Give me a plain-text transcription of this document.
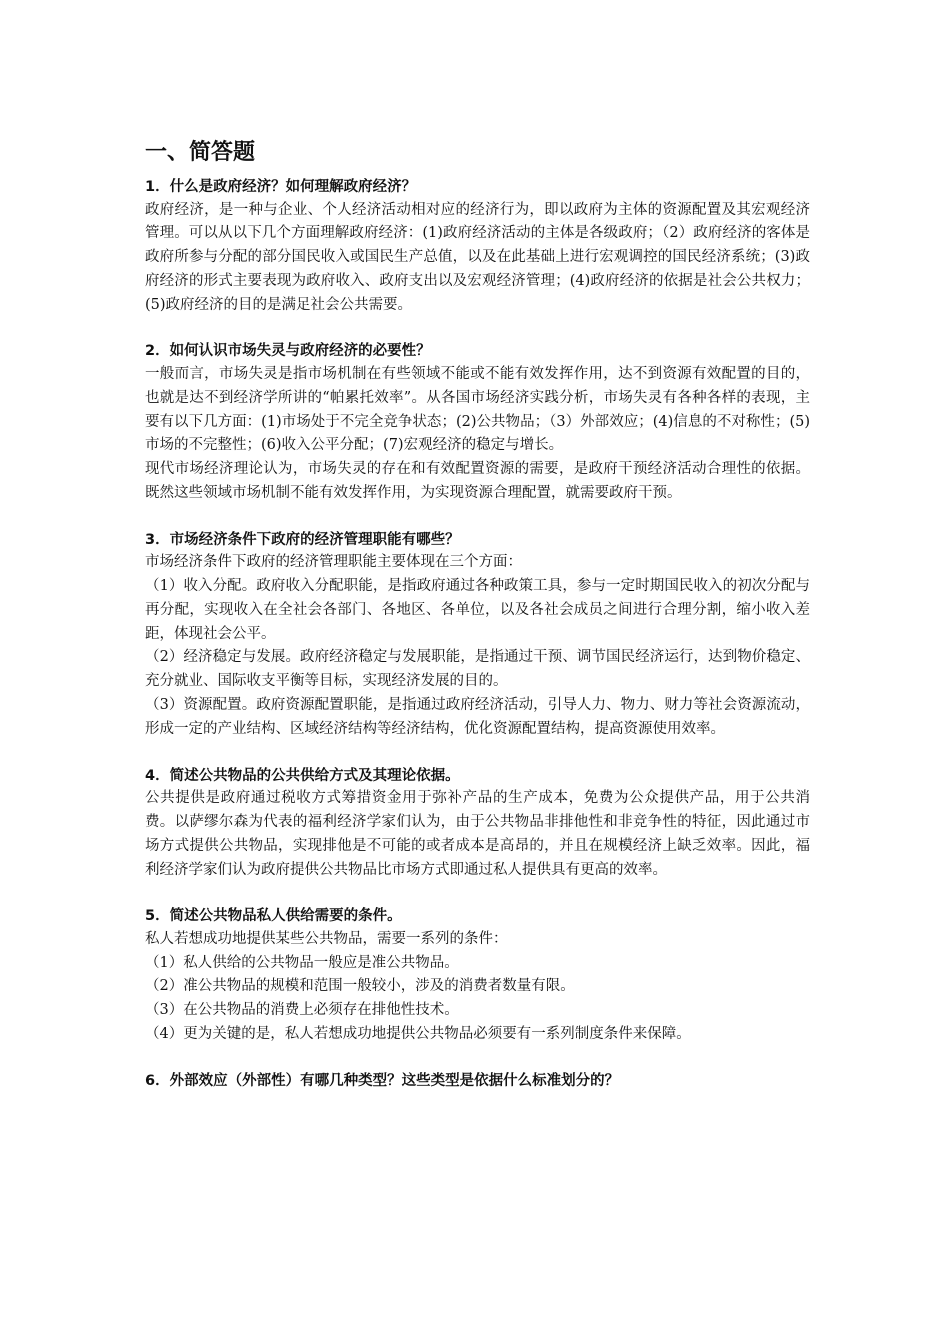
一、简答题

1．什么是政府经济？如何理解政府经济？

政府经济，是一种与企业、个人经济活动相对应的经济行为，即以政府为主体的资源配置及其宏观经济管理。可以从以下几个方面理解政府经济：(1)政府经济活动的主体是各级政府；（2）政府经济的客体是政府所参与分配的部分国民收入或国民生产总值，以及在此基础上进行宏观调控的国民经济系统；(3)政府经济的形式主要表现为政府收入、政府支出以及宏观经济管理；(4)政府经济的依据是社会公共权力；(5)政府经济的目的是满足社会公共需要。

2．如何认识市场失灵与政府经济的必要性？

一般而言，市场失灵是指市场机制在有些领域不能或不能有效发挥作用，达不到资源有效配置的目的，也就是达不到经济学所讲的“帕累托效率”。从各国市场经济实践分析，市场失灵有各种各样的表现，主要有以下几方面：(1)市场处于不完全竞争状态；(2)公共物品；（3）外部效应；(4)信息的不对称性；(5)市场的不完整性；(6)收入公平分配；(7)宏观经济的稳定与增长。

现代市场经济理论认为，市场失灵的存在和有效配置资源的需要，是政府干预经济活动合理性的依据。既然这些领域市场机制不能有效发挥作用，为实现资源合理配置，就需要政府干预。

3．市场经济条件下政府的经济管理职能有哪些？

市场经济条件下政府的经济管理职能主要体现在三个方面：

（1）收入分配。政府收入分配职能，是指政府通过各种政策工具，参与一定时期国民收入的初次分配与再分配，实现收入在全社会各部门、各地区、各单位，以及各社会成员之间进行合理分割，缩小收入差距，体现社会公平。

（2）经济稳定与发展。政府经济稳定与发展职能，是指通过干预、调节国民经济运行，达到物价稳定、充分就业、国际收支平衡等目标，实现经济发展的目的。

（3）资源配置。政府资源配置职能，是指通过政府经济活动，引导人力、物力、财力等社会资源流动，形成一定的产业结构、区域经济结构等经济结构，优化资源配置结构，提高资源使用效率。

4．简述公共物品的公共供给方式及其理论依据。

公共提供是政府通过税收方式筹措资金用于弥补产品的生产成本，免费为公众提供产品，用于公共消费。以萨缪尔森为代表的福利经济学家们认为，由于公共物品非排他性和非竞争性的特征，因此通过市场方式提供公共物品，实现排他是不可能的或者成本是高昂的，并且在规模经济上缺乏效率。因此，福利经济学家们认为政府提供公共物品比市场方式即通过私人提供具有更高的效率。

5．简述公共物品私人供给需要的条件。

私人若想成功地提供某些公共物品，需要一系列的条件：

（1）私人供给的公共物品一般应是准公共物品。

（2）准公共物品的规模和范围一般较小，涉及的消费者数量有限。

（3）在公共物品的消费上必须存在排他性技术。

（4）更为关键的是，私人若想成功地提供公共物品必须要有一系列制度条件来保障。

6．外部效应（外部性）有哪几种类型？这些类型是依据什么标准划分的？
